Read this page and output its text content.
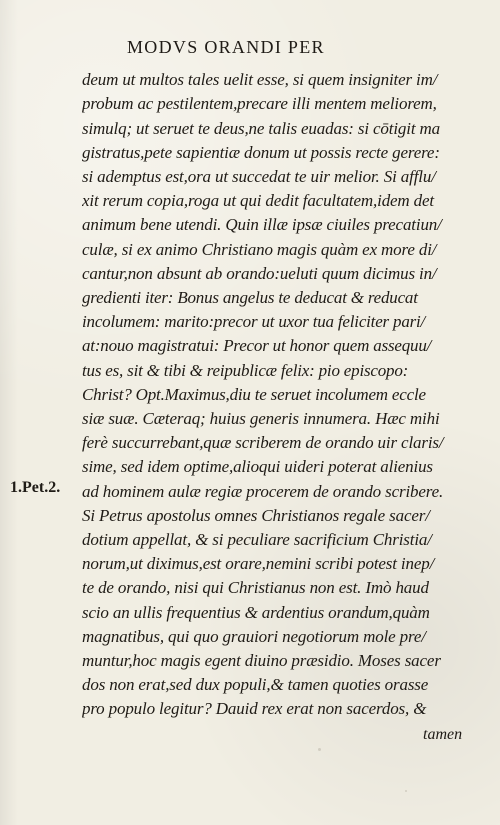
MODVS ORANDI PER
deum ut multos tales uelit esse, si quem insigniter im/
probum ac pestilentem,precare illi mentem meliorem,
simulq; ut seruet te deus,ne talis euadas: si cōtigit ma
gistratus,pete sapientiæ donum ut possis recte gerere:
si ademptus est,ora ut succedat te uir melior. Si afflu/
xit rerum copia,roga ut qui dedit facultatem,idem det
animum bene utendi. Quin illæ ipsæ ciuiles precatiun/
culæ, si ex animo Christiano magis quàm ex more di/
cantur,non absunt ab orando:ueluti quum dicimus in/
gredienti iter: Bonus angelus te deducat & reducat
incolumem: marito:precor ut uxor tua feliciter pari/
at:nouo magistratui: Precor ut honor quem assequu/
tus es, sit & tibi & reipublicæ felix: pio episcopo:
Christ? Opt.Maximus,diu te seruet incolumem eccle
siæ suæ. Cæteraq; huius generis innumera. Hæc mihi
ferè succurrebant,quæ scriberem de orando uir claris/
sime, sed idem optime,alioqui uideri poterat alienius
ad hominem aulæ regiæ procerem de orando scribere.
Si Petrus apostolus omnes Christianos regale sacer/
dotium appellat, & si peculiare sacrificium Christia/
norum,ut diximus,est orare,nemini scribi potest inep/
te de orando, nisi qui Christianus non est. Imò haud
scio an ullis frequentius & ardentius orandum,quàm
magnatibus, qui quo grauiori negotiorum mole pre/
muntur,hoc magis egent diuino præsidio. Moses sacer
dos non erat,sed dux populi,& tamen quoties orasse
pro populo legitur? Dauid rex erat non sacerdos, &
1.Pet.2.
tamen
